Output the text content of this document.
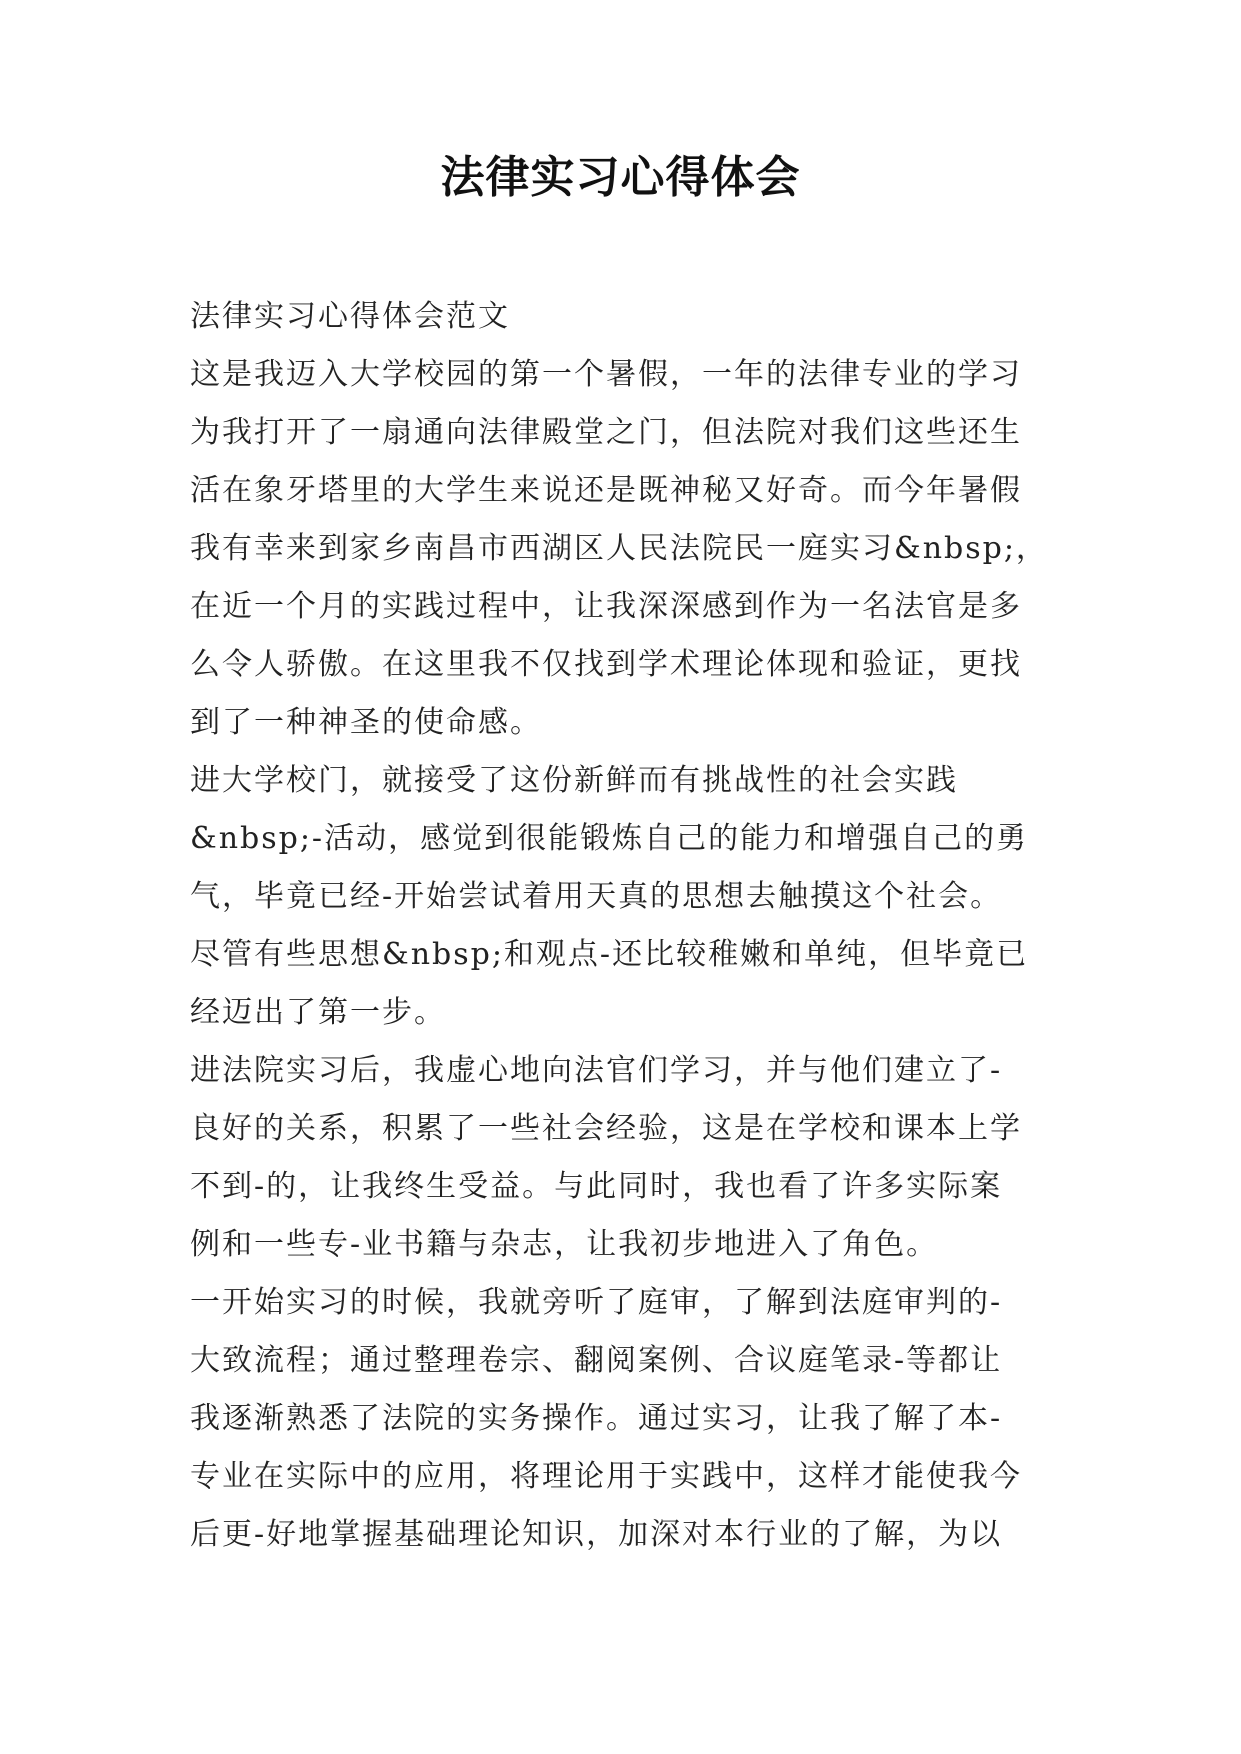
法律实习心得体会
法律实习心得体会范文
这是我迈入大学校园的第一个暑假，一年的法律专业的学习
为我打开了一扇通向法律殿堂之门，但法院对我们这些还生
活在象牙塔里的大学生来说还是既神秘又好奇。而今年暑假
我有幸来到家乡南昌市西湖区人民法院民一庭实习&nbsp;，
在近一个月的实践过程中，让我深深感到作为一名法官是多
么令人骄傲。在这里我不仅找到学术理论体现和验证，更找
到了一种神圣的使命感。
进大学校门，就接受了这份新鲜而有挑战性的社会实践
&nbsp;-活动，感觉到很能锻炼自己的能力和增强自己的勇
气，毕竟已经-开始尝试着用天真的思想去触摸这个社会。
尽管有些思想&nbsp;和观点-还比较稚嫩和单纯，但毕竟已
经迈出了第一步。
进法院实习后，我虚心地向法官们学习，并与他们建立了-
良好的关系，积累了一些社会经验，这是在学校和课本上学
不到-的，让我终生受益。与此同时，我也看了许多实际案
例和一些专-业书籍与杂志，让我初步地进入了角色。
一开始实习的时候，我就旁听了庭审，了解到法庭审判的-
大致流程；通过整理卷宗、翻阅案例、合议庭笔录-等都让
我逐渐熟悉了法院的实务操作。通过实习，让我了解了本-
专业在实际中的应用，将理论用于实践中，这样才能使我今
后更-好地掌握基础理论知识，加深对本行业的了解，为以
